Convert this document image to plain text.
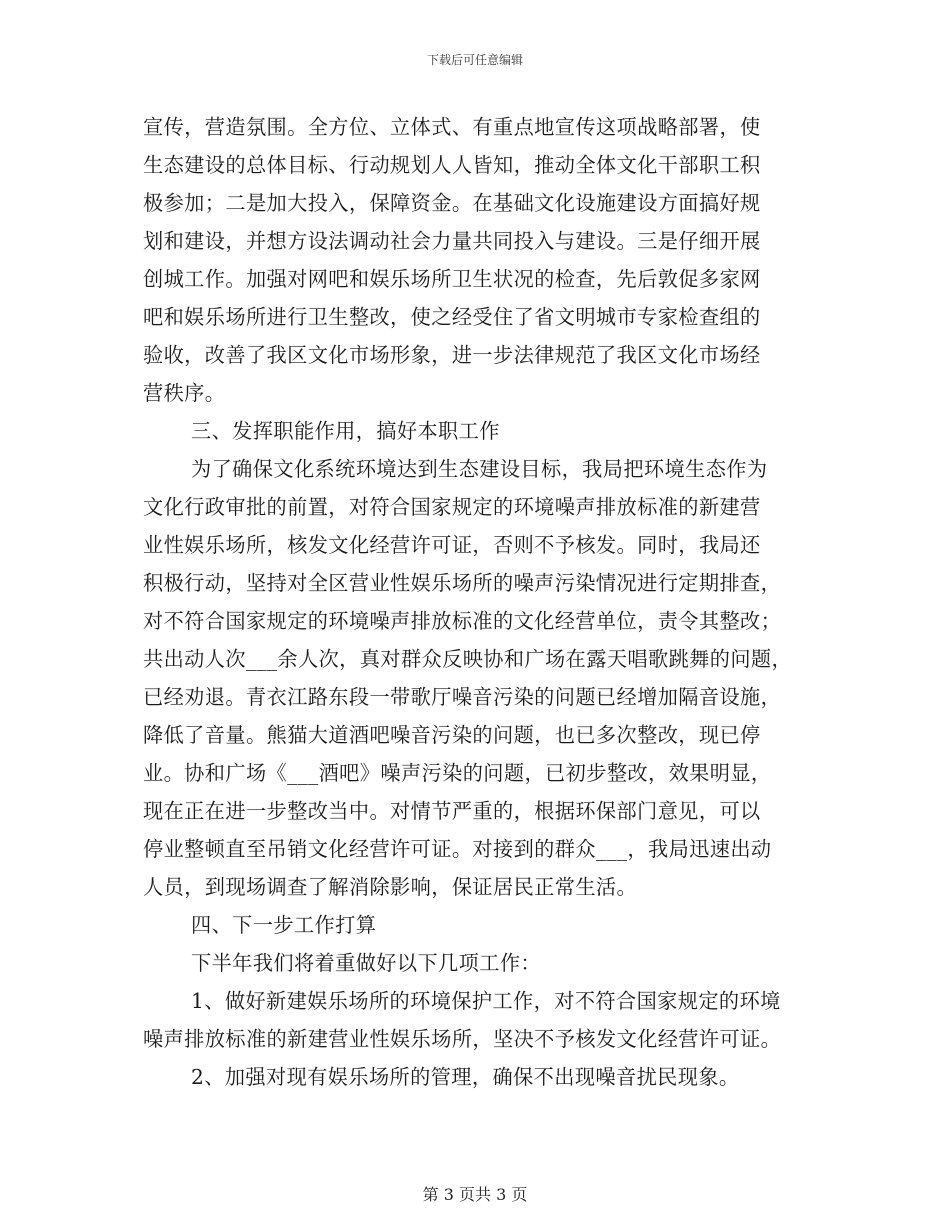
下载后可任意编辑
宣传，营造氛围。全方位、立体式、有重点地宣传这项战略部署，使
生态建设的总体目标、行动规划人人皆知，推动全体文化干部职工积
极参加；二是加大投入，保障资金。在基础文化设施建设方面搞好规
划和建设，并想方设法调动社会力量共同投入与建设。三是仔细开展
创城工作。加强对网吧和娱乐场所卫生状况的检查，先后敦促多家网
吧和娱乐场所进行卫生整改，使之经受住了省文明城市专家检查组的
验收，改善了我区文化市场形象，进一步法律规范了我区文化市场经
营秩序。
三、发挥职能作用，搞好本职工作
为了确保文化系统环境达到生态建设目标，我局把环境生态作为
文化行政审批的前置，对符合国家规定的环境噪声排放标准的新建营
业性娱乐场所，核发文化经营许可证，否则不予核发。同时，我局还
积极行动，坚持对全区营业性娱乐场所的噪声污染情况进行定期排查，
对不符合国家规定的环境噪声排放标准的文化经营单位，责令其整改；
共出动人次___余人次，真对群众反映协和广场在露天唱歌跳舞的问题，
已经劝退。青衣江路东段一带歌厅噪音污染的问题已经增加隔音设施，
降低了音量。熊猫大道酒吧噪音污染的问题，也已多次整改，现已停
业。协和广场《___酒吧》噪声污染的问题，已初步整改，效果明显，
现在正在进一步整改当中。对情节严重的，根据环保部门意见，可以
停业整顿直至吊销文化经营许可证。对接到的群众___，我局迅速出动
人员，到现场调查了解消除影响，保证居民正常生活。
四、下一步工作打算
下半年我们将着重做好以下几项工作：
1、做好新建娱乐场所的环境保护工作，对不符合国家规定的环境
噪声排放标准的新建营业性娱乐场所，坚决不予核发文化经营许可证。
2、加强对现有娱乐场所的管理，确保不出现噪音扰民现象。
第 3 页共 3 页
